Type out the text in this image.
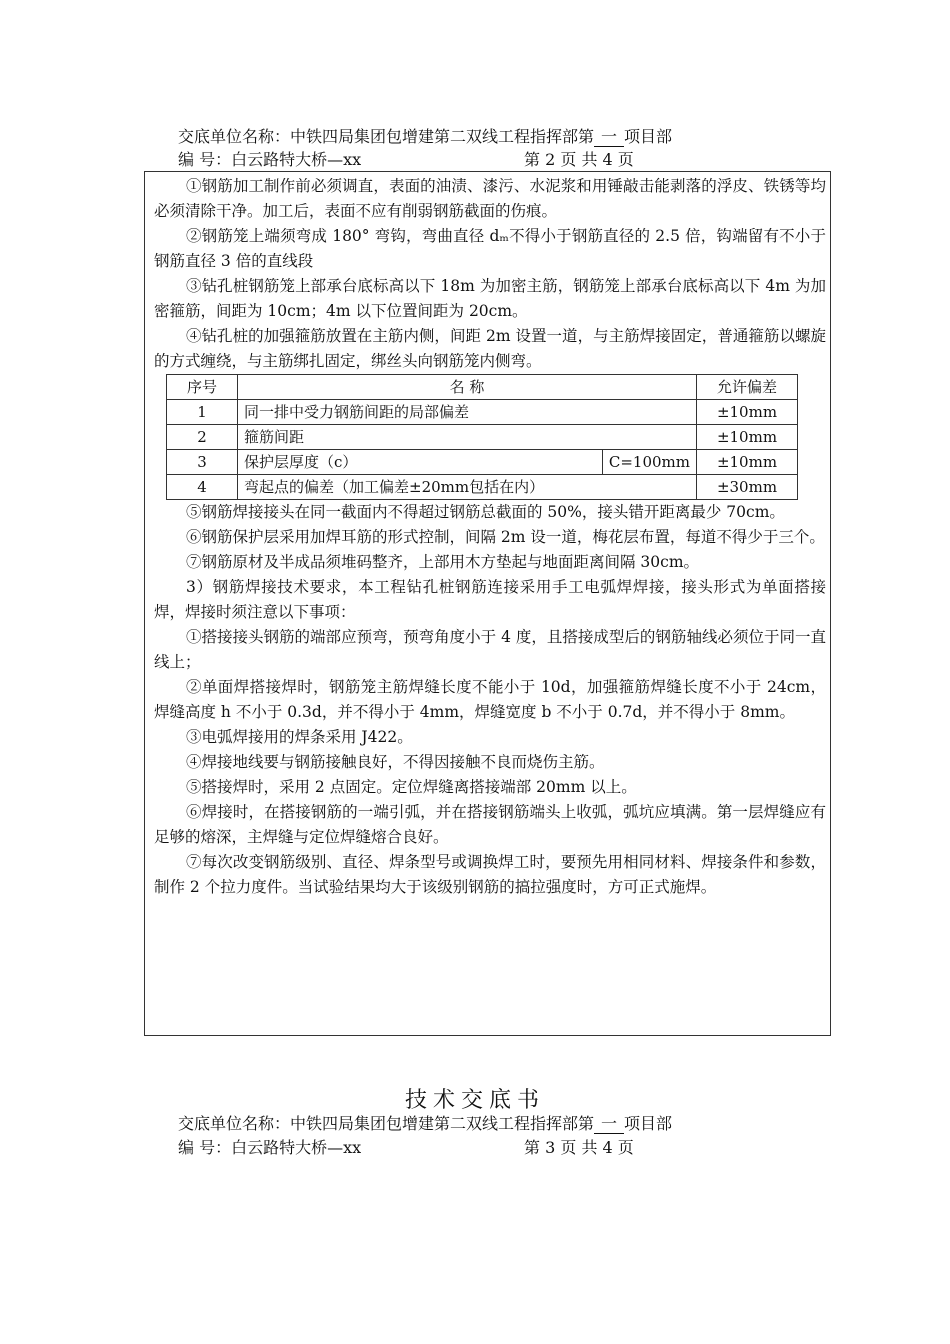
交底单位名称：中铁四局集团包增建第二双线工程指挥部第 一 项目部
编 号：白云路特大桥—xx	第 2 页 共 4 页

①钢筋加工制作前必须调直，表面的油渍、漆污、水泥浆和用锤敲击能剥落的浮皮、铁锈等均必须清除干净。加工后，表面不应有削弱钢筋截面的伤痕。

②钢筋笼上端须弯成 180° 弯钩，弯曲直径 dₘ不得小于钢筋直径的 2.5 倍，钩端留有不小于钢筋直径 3 倍的直线段

③钻孔桩钢筋笼上部承台底标高以下 18m 为加密主筋，钢筋笼上部承台底标高以下 4m 为加密箍筋，间距为 10cm；4m 以下位置间距为 20cm。

④钻孔桩的加强箍筋放置在主筋内侧，间距 2m 设置一道，与主筋焊接固定，普通箍筋以螺旋的方式缠绕，与主筋绑扎固定，绑丝头向钢筋笼内侧弯。

序号	名 称		允许偏差
1	同一排中受力钢筋间距的局部偏差		±10mm
2	箍筋间距		±10mm
3	保护层厚度（c）	C=100mm	±10mm
4	弯起点的偏差（加工偏差±20mm包括在内）		±30mm

⑤钢筋焊接接头在同一截面内不得超过钢筋总截面的 50%，接头错开距离最少 70cm。

⑥钢筋保护层采用加焊耳筋的形式控制，间隔 2m 设一道，梅花层布置，每道不得少于三个。

⑦钢筋原材及半成品须堆码整齐，上部用木方垫起与地面距离间隔 30cm。

3）钢筋焊接技术要求，本工程钻孔桩钢筋连接采用手工电弧焊焊接，接头形式为单面搭接焊，焊接时须注意以下事项：

①搭接接头钢筋的端部应预弯，预弯角度小于 4 度，且搭接成型后的钢筋轴线必须位于同一直线上；

②单面焊搭接焊时，钢筋笼主筋焊缝长度不能小于 10d，加强箍筋焊缝长度不小于 24cm，焊缝高度 h 不小于 0.3d，并不得小于 4mm，焊缝宽度 b 不小于 0.7d，并不得小于 8mm。

③电弧焊接用的焊条采用 J422。

④焊接地线要与钢筋接触良好，不得因接触不良而烧伤主筋。

⑤搭接焊时，采用 2 点固定。定位焊缝离搭接端部 20mm 以上。

⑥焊接时，在搭接钢筋的一端引弧，并在搭接钢筋端头上收弧，弧坑应填满。第一层焊缝应有足够的熔深，主焊缝与定位焊缝熔合良好。

⑦每次改变钢筋级别、直径、焊条型号或调换焊工时，要预先用相同材料、焊接条件和参数，制作 2 个拉力度件。当试验结果均大于该级别钢筋的搞拉强度时，方可正式施焊。

技术交底书
交底单位名称：中铁四局集团包增建第二双线工程指挥部第 一 项目部
编 号：白云路特大桥—xx	第 3 页 共 4 页
